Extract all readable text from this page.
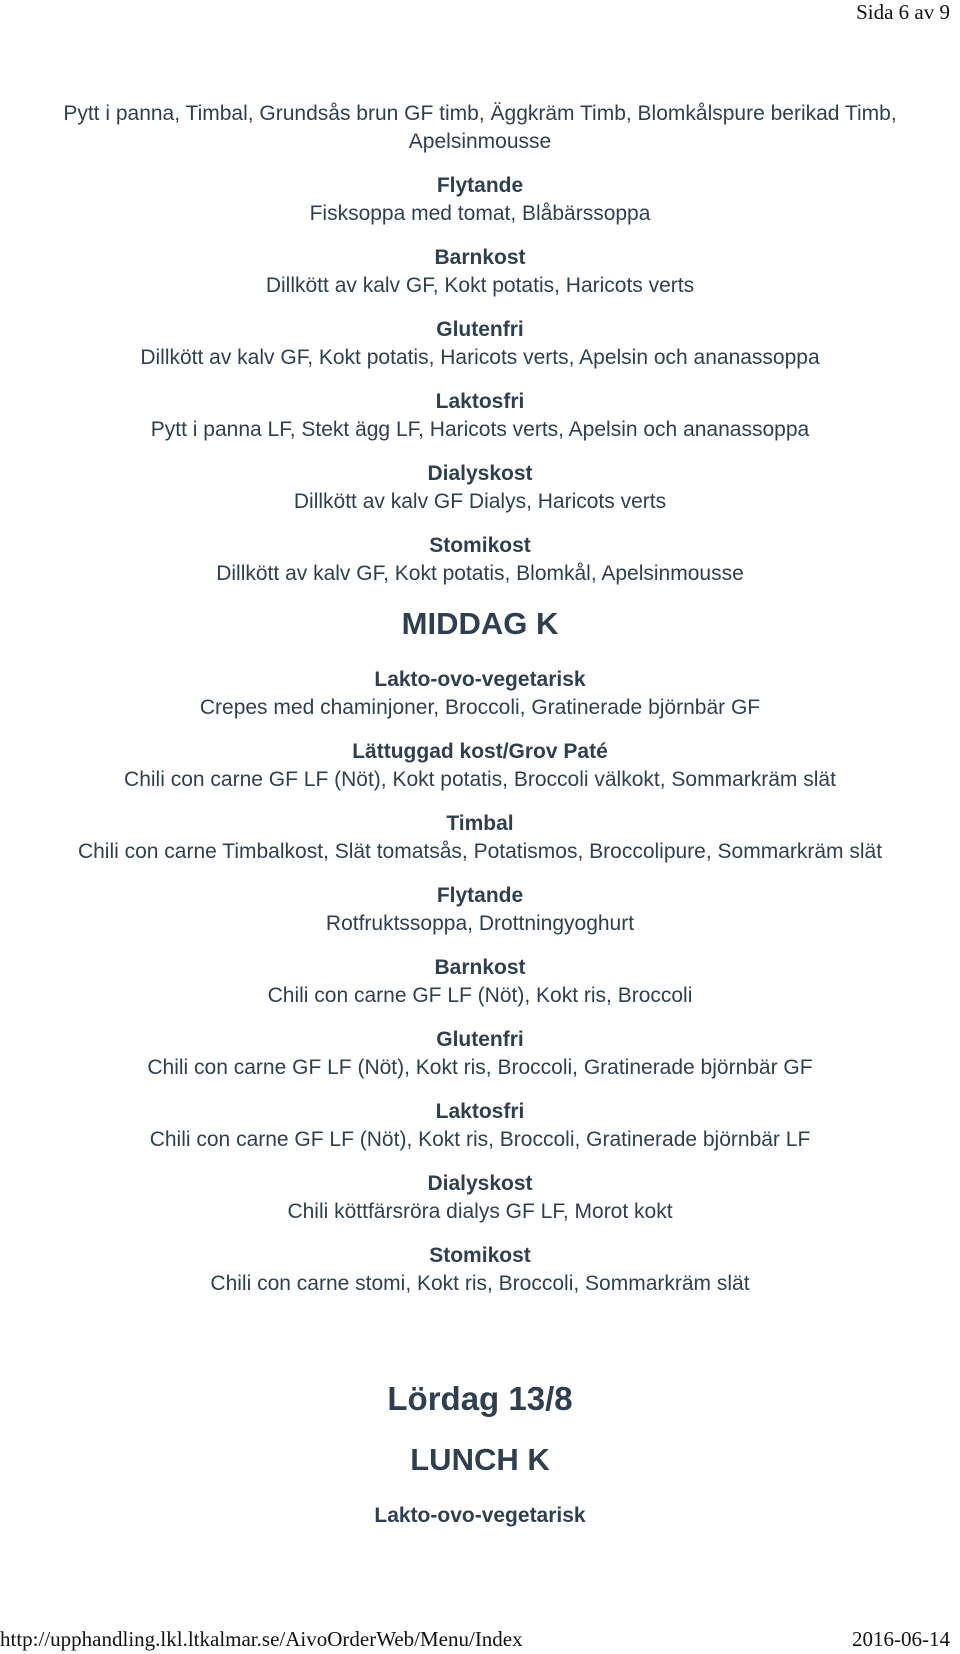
Sida 6 av 9
Pytt i panna, Timbal, Grundsås brun GF timb, Äggkräm Timb, Blomkålspure berikad Timb, Apelsinmousse
Flytande
Fisksoppa med tomat, Blåbärssoppa
Barnkost
Dillkött av kalv GF, Kokt potatis, Haricots verts
Glutenfri
Dillkött av kalv GF, Kokt potatis, Haricots verts, Apelsin och ananassoppa
Laktosfri
Pytt i panna LF, Stekt ägg LF, Haricots verts, Apelsin och ananassoppa
Dialyskost
Dillkött av kalv GF Dialys, Haricots verts
Stomikost
Dillkött av kalv GF, Kokt potatis, Blomkål, Apelsinmousse
MIDDAG K
Lakto-ovo-vegetarisk
Crepes med chaminjoner, Broccoli, Gratinerade björnbär GF
Lättuggad kost/Grov Paté
Chili con carne GF LF (Nöt), Kokt potatis, Broccoli välkokt, Sommarkräm slät
Timbal
Chili con carne Timbalkost, Slät tomatsås, Potatismos, Broccolipure, Sommarkräm slät
Flytande
Rotfruktssoppa, Drottningyoghurt
Barnkost
Chili con carne GF LF (Nöt), Kokt ris, Broccoli
Glutenfri
Chili con carne GF LF (Nöt), Kokt ris, Broccoli, Gratinerade björnbär GF
Laktosfri
Chili con carne GF LF (Nöt), Kokt ris, Broccoli, Gratinerade björnbär LF
Dialyskost
Chili köttfärsröra dialys GF LF, Morot kokt
Stomikost
Chili con carne stomi, Kokt ris, Broccoli, Sommarkräm slät
Lördag 13/8
LUNCH K
Lakto-ovo-vegetarisk
http://upphandling.lkl.ltkalmar.se/AivoOrderWeb/Menu/Index	2016-06-14
